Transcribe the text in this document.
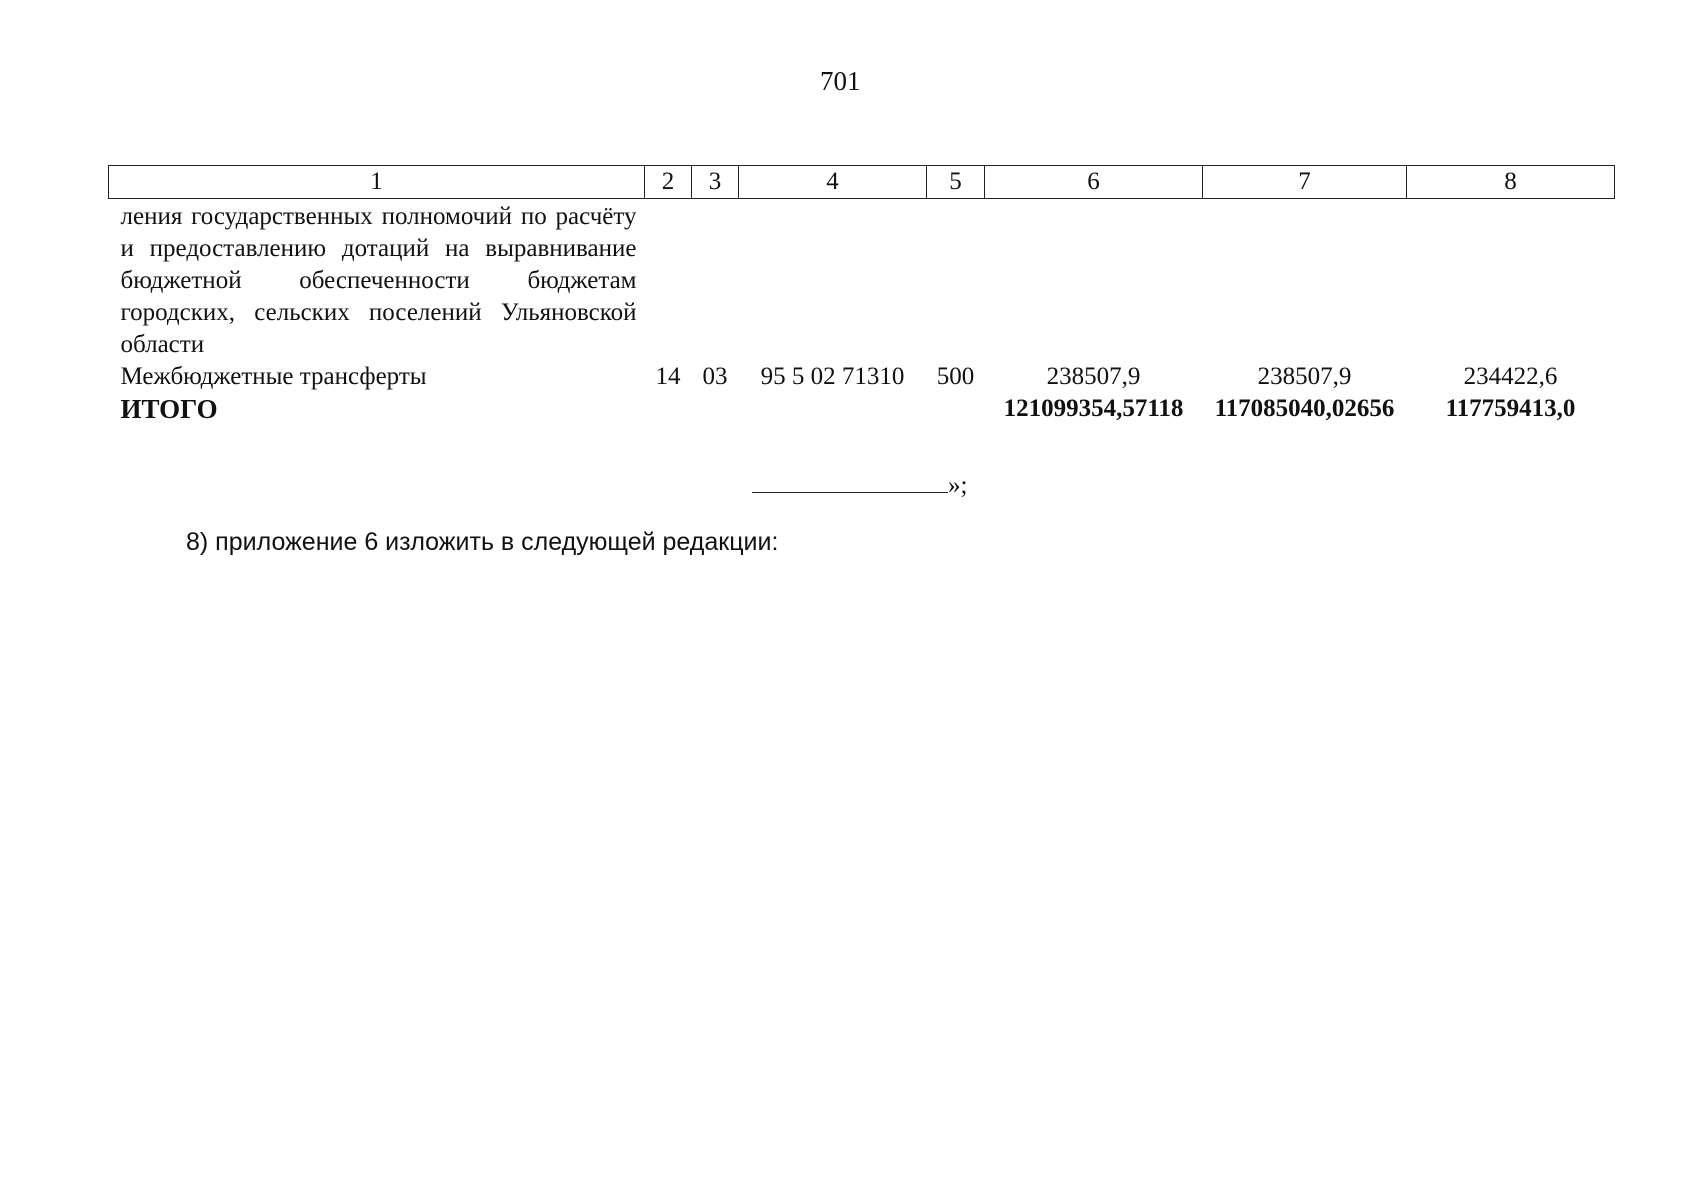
701
1	2	3	4	5	6	7	8
ления государственных полномочий по расчёту и предоставлению дотаций на выравнивание бюджетной обеспеченности бюджетам городских, сельских поселений Ульяновской области							
Межбюджетные трансферты	14	03	95 5 02 71310	500	238507,9	238507,9	234422,6
ИТОГО					121099354,57118	117085040,02656	117759413,0
»;
8) приложение 6 изложить в следующей редакции:
